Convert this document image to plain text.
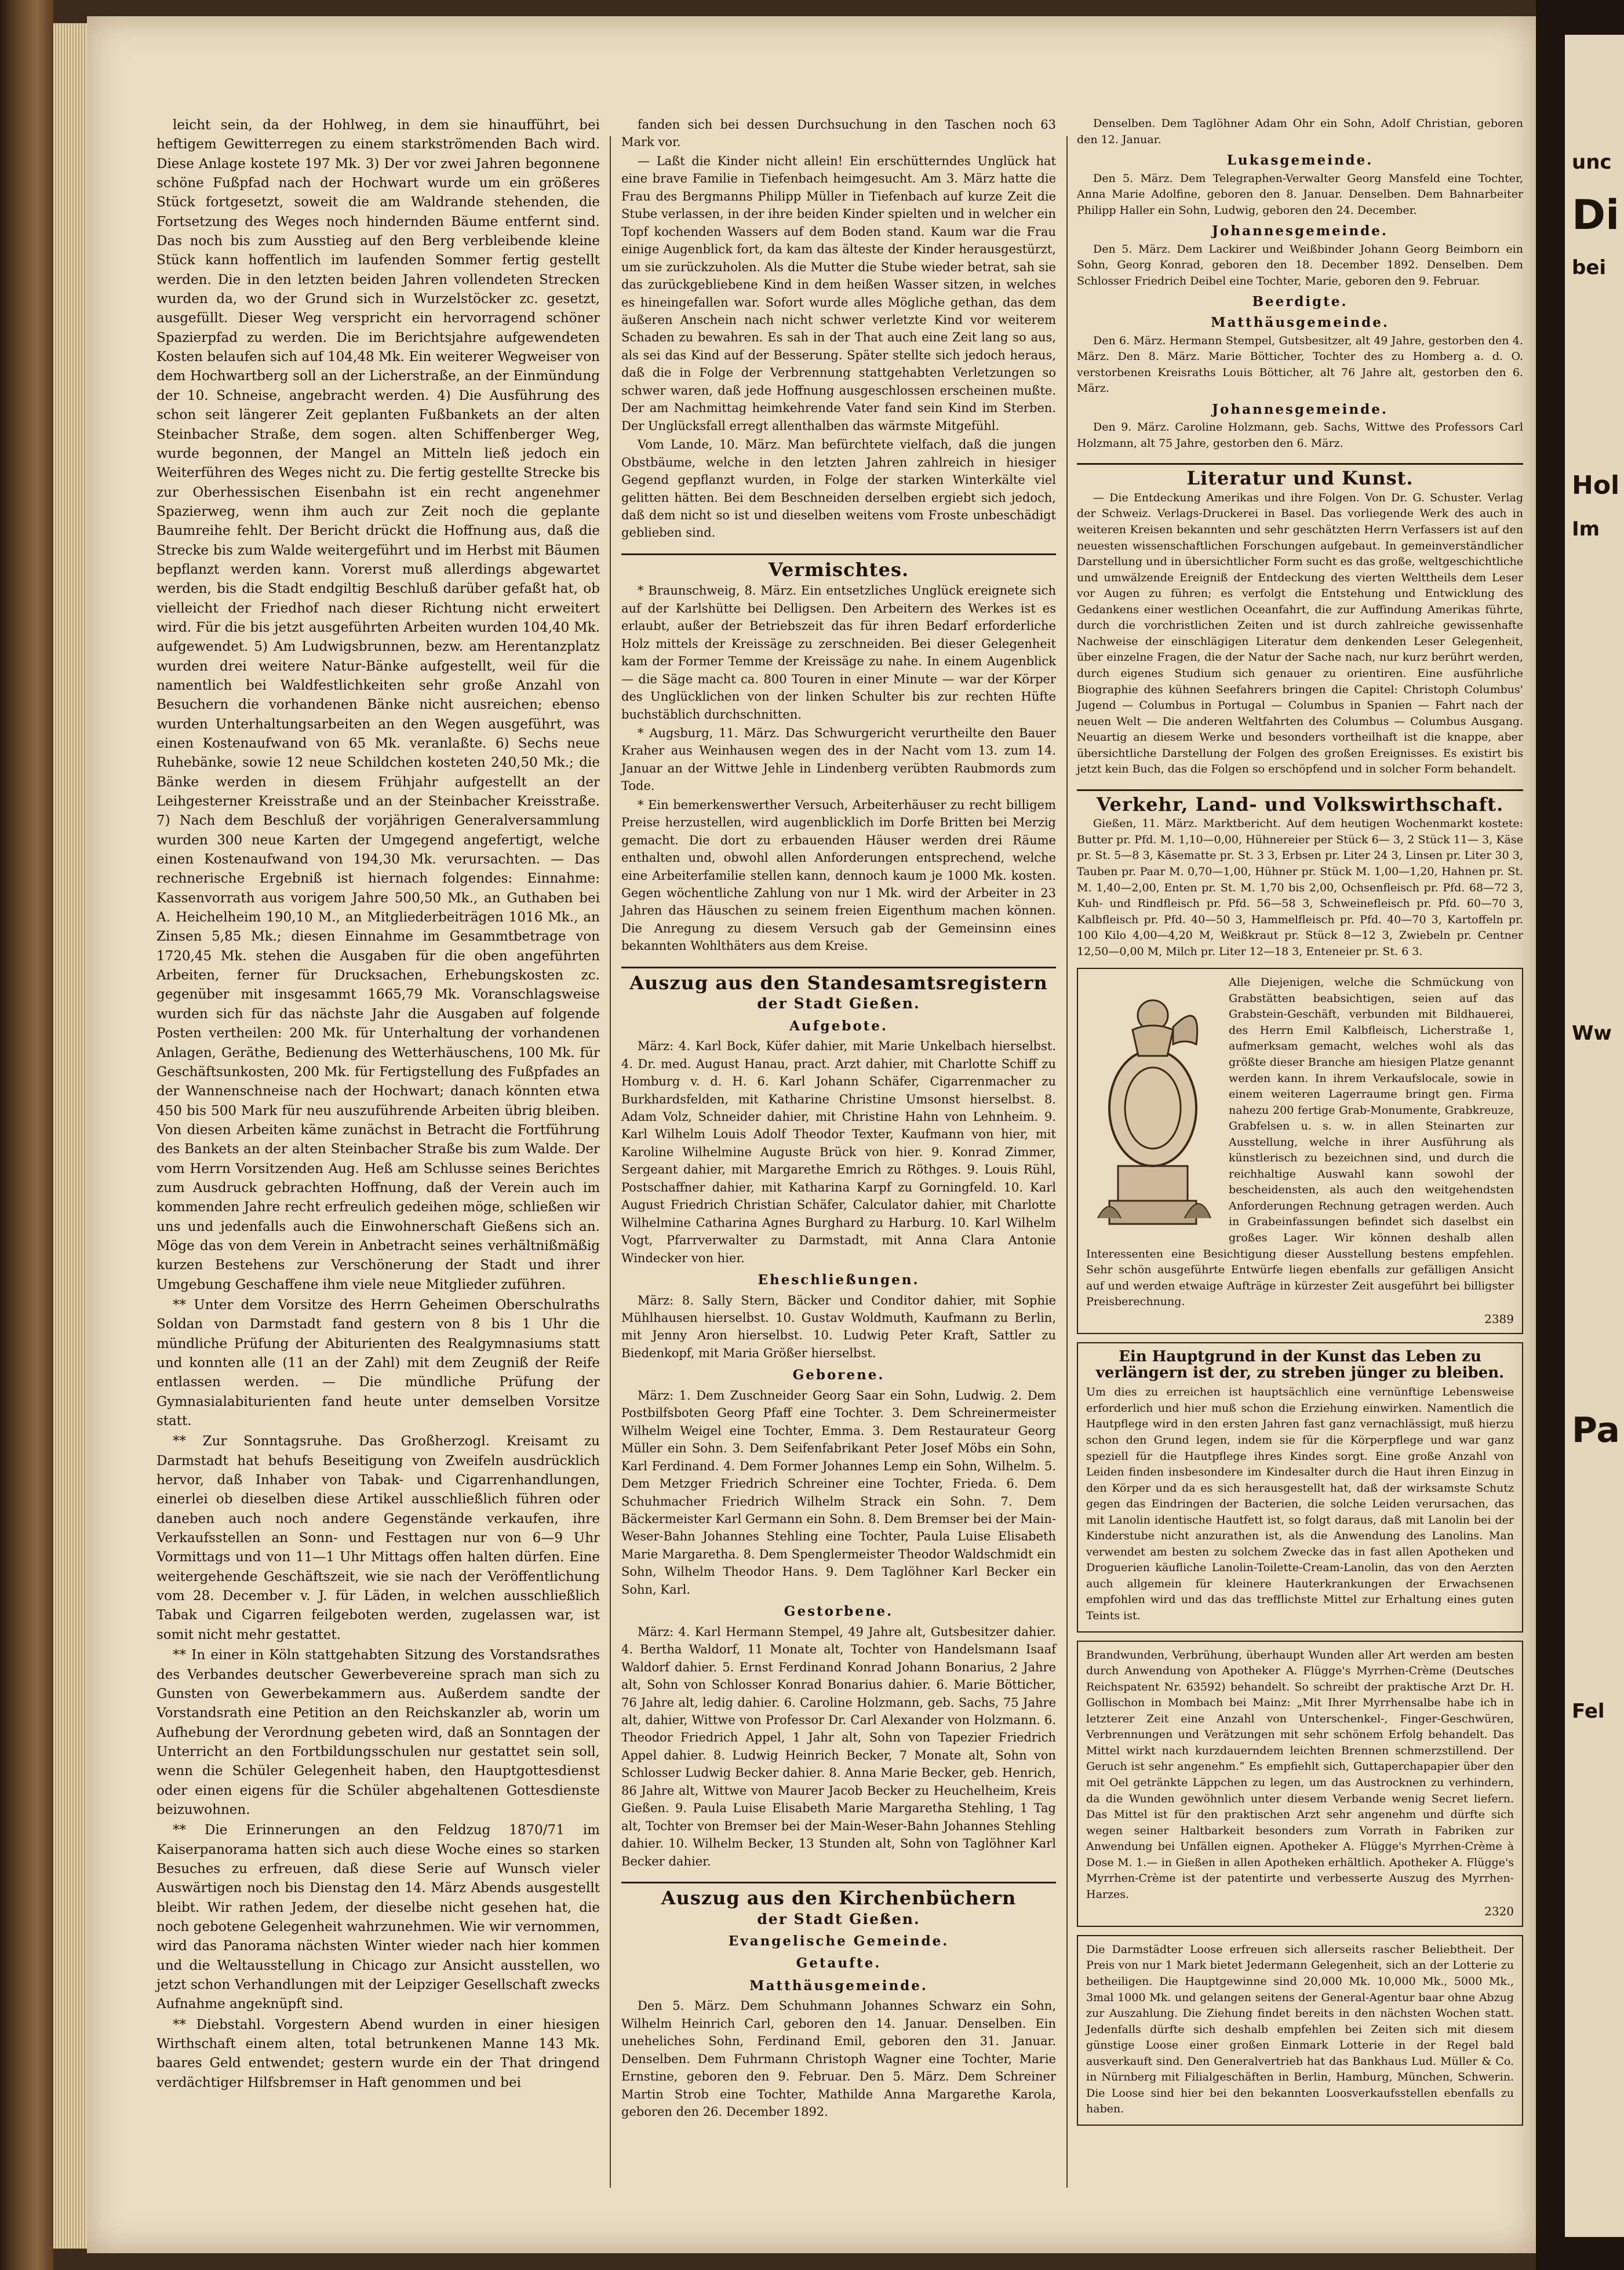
unc
Di
bei
Hol
Im
Ww
Pa
Fel

leicht sein, da der Hohlweg, in dem sie hinaufführt, bei heftigem Gewitterregen zu einem starkströmenden Bach wird. Diese Anlage kostete 197 Mk. 3) Der vor zwei Jahren begonnene schöne Fußpfad nach der Hochwart wurde um ein größeres Stück fortgesetzt, soweit die am Waldrande stehenden, die Fortsetzung des Weges noch hindernden Bäume entfernt sind. Das noch bis zum Ausstieg auf den Berg verbleibende kleine Stück kann hoffentlich im laufenden Sommer fertig gestellt werden. Die in den letzten beiden Jahren vollendeten Strecken wurden da, wo der Grund sich in Wurzelstöcker zc. gesetzt, ausgefüllt. Dieser Weg verspricht ein hervorragend schöner Spazierpfad zu werden. Die im Berichtsjahre aufgewendeten Kosten belaufen sich auf 104,48 Mk. Ein weiterer Wegweiser von dem Hochwartberg soll an der Licherstraße, an der Einmündung der 10. Schneise, angebracht werden. 4) Die Ausführung des schon seit längerer Zeit geplanten Fußbankets an der alten Steinbacher Straße, dem sogen. alten Schiffenberger Weg, wurde begonnen, der Mangel an Mitteln ließ jedoch ein Weiterführen des Weges nicht zu. Die fertig gestellte Strecke bis zur Oberhessischen Eisenbahn ist ein recht angenehmer Spazierweg, wenn ihm auch zur Zeit noch die geplante Baumreihe fehlt. Der Bericht drückt die Hoffnung aus, daß die Strecke bis zum Walde weitergeführt und im Herbst mit Bäumen bepflanzt werden kann. Vorerst muß allerdings abgewartet werden, bis die Stadt endgiltig Beschluß darüber gefaßt hat, ob vielleicht der Friedhof nach dieser Richtung nicht erweitert wird. Für die bis jetzt ausgeführten Arbeiten wurden 104,40 Mk. aufgewendet. 5) Am Ludwigsbrunnen, bezw. am Herentanzplatz wurden drei weitere Natur-Bänke aufgestellt, weil für die namentlich bei Waldfestlichkeiten sehr große Anzahl von Besuchern die vorhandenen Bänke nicht ausreichen; ebenso wurden Unterhaltungsarbeiten an den Wegen ausgeführt, was einen Kostenaufwand von 65 Mk. veranlaßte. 6) Sechs neue Ruhebänke, sowie 12 neue Schildchen kosteten 240,50 Mk.; die Bänke werden in diesem Frühjahr aufgestellt an der Leihgesterner Kreisstraße und an der Steinbacher Kreisstraße. 7) Nach dem Beschluß der vorjährigen Generalversammlung wurden 300 neue Karten der Umgegend angefertigt, welche einen Kostenaufwand von 194,30 Mk. verursachten. — Das rechnerische Ergebniß ist hiernach folgendes: Einnahme: Kassenvorrath aus vorigem Jahre 500,50 Mk., an Guthaben bei A. Heichelheim 190,10 M., an Mitgliederbeiträgen 1016 Mk., an Zinsen 5,85 Mk.; diesen Einnahme im Gesammtbetrage von 1720,45 Mk. stehen die Ausgaben für die oben angeführten Arbeiten, ferner für Drucksachen, Erhebungskosten zc. gegenüber mit insgesammt 1665,79 Mk. Voranschlagsweise wurden sich für das nächste Jahr die Ausgaben auf folgende Posten vertheilen: 200 Mk. für Unterhaltung der vorhandenen Anlagen, Geräthe, Bedienung des Wetterhäuschens, 100 Mk. für Geschäftsunkosten, 200 Mk. für Fertigstellung des Fußpfades an der Wannenschneise nach der Hochwart; danach könnten etwa 450 bis 500 Mark für neu auszuführende Arbeiten übrig bleiben. Von diesen Arbeiten käme zunächst in Betracht die Fortführung des Bankets an der alten Steinbacher Straße bis zum Walde. Der vom Herrn Vorsitzenden Aug. Heß am Schlusse seines Berichtes zum Ausdruck gebrachten Hoffnung, daß der Verein auch im kommenden Jahre recht erfreulich gedeihen möge, schließen wir uns und jedenfalls auch die Einwohnerschaft Gießens sich an. Möge das von dem Verein in Anbetracht seines verhältnißmäßig kurzen Bestehens zur Verschönerung der Stadt und ihrer Umgebung Geschaffene ihm viele neue Mitglieder zuführen.

** Unter dem Vorsitze des Herrn Geheimen Oberschulraths Soldan von Darmstadt fand gestern von 8 bis 1 Uhr die mündliche Prüfung der Abiturienten des Realgymnasiums statt und konnten alle (11 an der Zahl) mit dem Zeugniß der Reife entlassen werden. — Die mündliche Prüfung der Gymnasialabiturienten fand heute unter demselben Vorsitze statt.

** Zur Sonntagsruhe. Das Großherzogl. Kreisamt zu Darmstadt hat behufs Beseitigung von Zweifeln ausdrücklich hervor, daß Inhaber von Tabak- und Cigarrenhandlungen, einerlei ob dieselben diese Artikel ausschließlich führen oder daneben auch noch andere Gegenstände verkaufen, ihre Verkaufsstellen an Sonn- und Festtagen nur von 6—9 Uhr Vormittags und von 11—1 Uhr Mittags offen halten dürfen. Eine weitergehende Geschäftszeit, wie sie nach der Veröffentlichung vom 28. December v. J. für Läden, in welchen ausschließlich Tabak und Cigarren feilgeboten werden, zugelassen war, ist somit nicht mehr gestattet.

** In einer in Köln stattgehabten Sitzung des Vorstandsrathes des Verbandes deutscher Gewerbevereine sprach man sich zu Gunsten von Gewerbekammern aus. Außerdem sandte der Vorstandsrath eine Petition an den Reichskanzler ab, worin um Aufhebung der Verordnung gebeten wird, daß an Sonntagen der Unterricht an den Fortbildungsschulen nur gestattet sein soll, wenn die Schüler Gelegenheit haben, den Hauptgottesdienst oder einen eigens für die Schüler abgehaltenen Gottesdienste beizuwohnen.

** Die Erinnerungen an den Feldzug 1870/71 im Kaiserpanorama hatten sich auch diese Woche eines so starken Besuches zu erfreuen, daß diese Serie auf Wunsch vieler Auswärtigen noch bis Dienstag den 14. März Abends ausgestellt bleibt. Wir rathen Jedem, der dieselbe nicht gesehen hat, die noch gebotene Gelegenheit wahrzunehmen. Wie wir vernommen, wird das Panorama nächsten Winter wieder nach hier kommen und die Weltausstellung in Chicago zur Ansicht ausstellen, wo jetzt schon Verhandlungen mit der Leipziger Gesellschaft zwecks Aufnahme angeknüpft sind.

** Diebstahl. Vorgestern Abend wurden in einer hiesigen Wirthschaft einem alten, total betrunkenen Manne 143 Mk. baares Geld entwendet; gestern wurde ein der That dringend verdächtiger Hilfsbremser in Haft genommen und bei

fanden sich bei dessen Durchsuchung in den Taschen noch 63 Mark vor.

— Laßt die Kinder nicht allein! Ein erschütterndes Unglück hat eine brave Familie in Tiefenbach heimgesucht. Am 3. März hatte die Frau des Bergmanns Philipp Müller in Tiefenbach auf kurze Zeit die Stube verlassen, in der ihre beiden Kinder spielten und in welcher ein Topf kochenden Wassers auf dem Boden stand. Kaum war die Frau einige Augenblick fort, da kam das älteste der Kinder herausgestürzt, um sie zurückzuholen. Als die Mutter die Stube wieder betrat, sah sie das zurückgebliebene Kind in dem heißen Wasser sitzen, in welches es hineingefallen war. Sofort wurde alles Mögliche gethan, das dem äußeren Anschein nach nicht schwer verletzte Kind vor weiterem Schaden zu bewahren. Es sah in der That auch eine Zeit lang so aus, als sei das Kind auf der Besserung. Später stellte sich jedoch heraus, daß die in Folge der Verbrennung stattgehabten Verletzungen so schwer waren, daß jede Hoffnung ausgeschlossen erscheinen mußte. Der am Nachmittag heimkehrende Vater fand sein Kind im Sterben. Der Unglücksfall erregt allenthalben das wärmste Mitgefühl.

Vom Lande, 10. März. Man befürchtete vielfach, daß die jungen Obstbäume, welche in den letzten Jahren zahlreich in hiesiger Gegend gepflanzt wurden, in Folge der starken Winterkälte viel gelitten hätten. Bei dem Beschneiden derselben ergiebt sich jedoch, daß dem nicht so ist und dieselben weitens vom Froste unbeschädigt geblieben sind.

Vermischtes.

* Braunschweig, 8. März. Ein entsetzliches Unglück ereignete sich auf der Karlshütte bei Delligsen. Den Arbeitern des Werkes ist es erlaubt, außer der Betriebszeit das für ihren Bedarf erforderliche Holz mittels der Kreissäge zu zerschneiden. Bei dieser Gelegenheit kam der Former Temme der Kreissäge zu nahe. In einem Augenblick — die Säge macht ca. 800 Touren in einer Minute — war der Körper des Unglücklichen von der linken Schulter bis zur rechten Hüfte buchstäblich durchschnitten.

* Augsburg, 11. März. Das Schwurgericht verurtheilte den Bauer Kraher aus Weinhausen wegen des in der Nacht vom 13. zum 14. Januar an der Wittwe Jehle in Lindenberg verübten Raubmords zum Tode.

* Ein bemerkenswerther Versuch, Arbeiterhäuser zu recht billigem Preise herzustellen, wird augenblicklich im Dorfe Britten bei Merzig gemacht. Die dort zu erbauenden Häuser werden drei Räume enthalten und, obwohl allen Anforderungen entsprechend, welche eine Arbeiterfamilie stellen kann, dennoch kaum je 1000 Mk. kosten. Gegen wöchentliche Zahlung von nur 1 Mk. wird der Arbeiter in 23 Jahren das Häuschen zu seinem freien Eigenthum machen können. Die Anregung zu diesem Versuch gab der Gemeinsinn eines bekannten Wohlthäters aus dem Kreise.

Auszug aus den Standesamtsregistern
der Stadt Gießen.
Aufgebote.

März: 4. Karl Bock, Küfer dahier, mit Marie Unkelbach hierselbst. 4. Dr. med. August Hanau, pract. Arzt dahier, mit Charlotte Schiff zu Homburg v. d. H. 6. Karl Johann Schäfer, Cigarrenmacher zu Burkhardsfelden, mit Katharine Christine Umsonst hierselbst. 8. Adam Volz, Schneider dahier, mit Christine Hahn von Lehnheim. 9. Karl Wilhelm Louis Adolf Theodor Texter, Kaufmann von hier, mit Karoline Wilhelmine Auguste Brück von hier. 9. Konrad Zimmer, Sergeant dahier, mit Margarethe Emrich zu Röthges. 9. Louis Rühl, Postschaffner dahier, mit Katharina Karpf zu Gorningfeld. 10. Karl August Friedrich Christian Schäfer, Calculator dahier, mit Charlotte Wilhelmine Catharina Agnes Burghard zu Harburg. 10. Karl Wilhelm Vogt, Pfarrverwalter zu Darmstadt, mit Anna Clara Antonie Windecker von hier.

Eheschließungen.

März: 8. Sally Stern, Bäcker und Conditor dahier, mit Sophie Mühlhausen hierselbst. 10. Gustav Woldmuth, Kaufmann zu Berlin, mit Jenny Aron hierselbst. 10. Ludwig Peter Kraft, Sattler zu Biedenkopf, mit Maria Größer hierselbst.

Geborene.

März: 1. Dem Zuschneider Georg Saar ein Sohn, Ludwig. 2. Dem Postbilfsboten Georg Pfaff eine Tochter. 3. Dem Schreinermeister Wilhelm Weigel eine Tochter, Emma. 3. Dem Restaurateur Georg Müller ein Sohn. 3. Dem Seifenfabrikant Peter Josef Möbs ein Sohn, Karl Ferdinand. 4. Dem Former Johannes Lemp ein Sohn, Wilhelm. 5. Dem Metzger Friedrich Schreiner eine Tochter, Frieda. 6. Dem Schuhmacher Friedrich Wilhelm Strack ein Sohn. 7. Dem Bäckermeister Karl Germann ein Sohn. 8. Dem Bremser bei der Main-Weser-Bahn Johannes Stehling eine Tochter, Paula Luise Elisabeth Marie Margaretha. 8. Dem Spenglermeister Theodor Waldschmidt ein Sohn, Wilhelm Theodor Hans. 9. Dem Taglöhner Karl Becker ein Sohn, Karl.

Gestorbene.

März: 4. Karl Hermann Stempel, 49 Jahre alt, Gutsbesitzer dahier. 4. Bertha Waldorf, 11 Monate alt, Tochter von Handelsmann Isaaf Waldorf dahier. 5. Ernst Ferdinand Konrad Johann Bonarius, 2 Jahre alt, Sohn von Schlosser Konrad Bonarius dahier. 6. Marie Bötticher, 76 Jahre alt, ledig dahier. 6. Caroline Holzmann, geb. Sachs, 75 Jahre alt, dahier, Wittwe von Professor Dr. Carl Alexander von Holzmann. 6. Theodor Friedrich Appel, 1 Jahr alt, Sohn von Tapezier Friedrich Appel dahier. 8. Ludwig Heinrich Becker, 7 Monate alt, Sohn von Schlosser Ludwig Becker dahier. 8. Anna Marie Becker, geb. Henrich, 86 Jahre alt, Wittwe von Maurer Jacob Becker zu Heuchelheim, Kreis Gießen. 9. Paula Luise Elisabeth Marie Margaretha Stehling, 1 Tag alt, Tochter von Bremser bei der Main-Weser-Bahn Johannes Stehling dahier. 10. Wilhelm Becker, 13 Stunden alt, Sohn von Taglöhner Karl Becker dahier.

Auszug aus den Kirchenbüchern
der Stadt Gießen.
Evangelische Gemeinde.
Getaufte.
Matthäusgemeinde.

Den 5. März. Dem Schuhmann Johannes Schwarz ein Sohn, Wilhelm Heinrich Carl, geboren den 14. Januar. Denselben. Ein uneheliches Sohn, Ferdinand Emil, geboren den 31. Januar. Denselben. Dem Fuhrmann Christoph Wagner eine Tochter, Marie Ernstine, geboren den 9. Februar. Den 5. März. Dem Schreiner Martin Strob eine Tochter, Mathilde Anna Margarethe Karola, geboren den 26. December 1892.

Denselben. Dem Taglöhner Adam Ohr ein Sohn, Adolf Christian, geboren den 12. Januar.

Lukasgemeinde.

Den 5. März. Dem Telegraphen-Verwalter Georg Mansfeld eine Tochter, Anna Marie Adolfine, geboren den 8. Januar. Denselben. Dem Bahnarbeiter Philipp Haller ein Sohn, Ludwig, geboren den 24. December.

Johannesgemeinde.

Den 5. März. Dem Lackirer und Weißbinder Johann Georg Beimborn ein Sohn, Georg Konrad, geboren den 18. December 1892. Denselben. Dem Schlosser Friedrich Deibel eine Tochter, Marie, geboren den 9. Februar.

Beerdigte.
Matthäusgemeinde.

Den 6. März. Hermann Stempel, Gutsbesitzer, alt 49 Jahre, gestorben den 4. März. Den 8. März. Marie Bötticher, Tochter des zu Homberg a. d. O. verstorbenen Kreisraths Louis Bötticher, alt 76 Jahre alt, gestorben den 6. März.

Johannesgemeinde.

Den 9. März. Caroline Holzmann, geb. Sachs, Wittwe des Professors Carl Holzmann, alt 75 Jahre, gestorben den 6. März.

Literatur und Kunst.

— Die Entdeckung Amerikas und ihre Folgen. Von Dr. G. Schuster. Verlag der Schweiz. Verlags-Druckerei in Basel. Das vorliegende Werk des auch in weiteren Kreisen bekannten und sehr geschätzten Herrn Verfassers ist auf den neuesten wissenschaftlichen Forschungen aufgebaut. In gemeinverständlicher Darstellung und in übersichtlicher Form sucht es das große, weltgeschichtliche und umwälzende Ereigniß der Entdeckung des vierten Welttheils dem Leser vor Augen zu führen; es verfolgt die Entstehung und Entwicklung des Gedankens einer westlichen Oceanfahrt, die zur Auffindung Amerikas führte, durch die vorchristlichen Zeiten und ist durch zahlreiche gewissenhafte Nachweise der einschlägigen Literatur dem denkenden Leser Gelegenheit, über einzelne Fragen, die der Natur der Sache nach, nur kurz berührt werden, durch eigenes Studium sich genauer zu orientiren. Eine ausführliche Biographie des kühnen Seefahrers bringen die Capitel: Christoph Columbus' Jugend — Columbus in Portugal — Columbus in Spanien — Fahrt nach der neuen Welt — Die anderen Weltfahrten des Columbus — Columbus Ausgang. Neuartig an diesem Werke und besonders vortheilhaft ist die knappe, aber übersichtliche Darstellung der Folgen des großen Ereignisses. Es existirt bis jetzt kein Buch, das die Folgen so erschöpfend und in solcher Form behandelt.

Verkehr, Land- und Volkswirthschaft.

Gießen, 11. März. Marktbericht. Auf dem heutigen Wochenmarkt kostete: Butter pr. Pfd. M. 1,10—0,00, Hühnereier per Stück 6— 3, 2 Stück 11— 3, Käse pr. St. 5—8 3, Käsematte pr. St. 3 3, Erbsen pr. Liter 24 3, Linsen pr. Liter 30 3, Tauben pr. Paar M. 0,70—1,00, Hühner pr. Stück M. 1,00—1,20, Hahnen pr. St. M. 1,40—2,00, Enten pr. St. M. 1,70 bis 2,00, Ochsenfleisch pr. Pfd. 68—72 3, Kuh- und Rindfleisch pr. Pfd. 56—58 3, Schweinefleisch pr. Pfd. 60—70 3, Kalbfleisch pr. Pfd. 40—50 3, Hammelfleisch pr. Pfd. 40—70 3, Kartoffeln pr. 100 Kilo 4,00—4,20 M, Weißkraut pr. Stück 8—12 3, Zwiebeln pr. Centner 12,50—0,00 M, Milch pr. Liter 12—18 3, Enteneier pr. St. 6 3.

Alle Diejenigen, welche die Schmückung von Grabstätten beabsichtigen, seien auf das Grabstein-Geschäft, verbunden mit Bildhauerei, des Herrn Emil Kalbfleisch, Licherstraße 1, aufmerksam gemacht, welches wohl als das größte dieser Branche am hiesigen Platze genannt werden kann. In ihrem Verkaufslocale, sowie in einem weiteren Lagerraume bringt gen. Firma nahezu 200 fertige Grab-Monumente, Grabkreuze, Grabfelsen u. s. w. in allen Steinarten zur Ausstellung, welche in ihrer Ausführung als künstlerisch zu bezeichnen sind, und durch die reichhaltige Auswahl kann sowohl der bescheidensten, als auch den weitgehendsten Anforderungen Rechnung getragen werden. Auch in Grabeinfassungen befindet sich daselbst ein großes Lager. Wir können deshalb allen Interessenten eine Besichtigung dieser Ausstellung bestens empfehlen. Sehr schön ausgeführte Entwürfe liegen ebenfalls zur gefälligen Ansicht auf und werden etwaige Aufträge in kürzester Zeit ausgeführt bei billigster Preisberechnung.

2389
Ein Hauptgrund in der Kunst das Leben zu verlängern ist der, zu streben jünger zu bleiben.

Um dies zu erreichen ist hauptsächlich eine vernünftige Lebensweise erforderlich und hier muß schon die Erziehung einwirken. Namentlich die Hautpflege wird in den ersten Jahren fast ganz vernachlässigt, muß hierzu schon den Grund legen, indem sie für die Körperpflege und war ganz speziell für die Hautpflege ihres Kindes sorgt. Eine große Anzahl von Leiden finden insbesondere im Kindesalter durch die Haut ihren Einzug in den Körper und da es sich herausgestellt hat, daß der wirksamste Schutz gegen das Eindringen der Bacterien, die solche Leiden verursachen, das mit Lanolin identische Hautfett ist, so folgt daraus, daß mit Lanolin bei der Kinderstube nicht anzurathen ist, als die Anwendung des Lanolins. Man verwendet am besten zu solchem Zwecke das in fast allen Apotheken und Droguerien käufliche Lanolin-Toilette-Cream-Lanolin, das von den Aerzten auch allgemein für kleinere Hauterkrankungen der Erwachsenen empfohlen wird und das das trefflichste Mittel zur Erhaltung eines guten Teints ist.

Brandwunden, Verbrühung, überhaupt Wunden aller Art werden am besten durch Anwendung von Apotheker A. Flügge's Myrrhen-Crème (Deutsches Reichspatent Nr. 63592) behandelt. So schreibt der praktische Arzt Dr. H. Gollischon in Mombach bei Mainz: „Mit Ihrer Myrrhensalbe habe ich in letzterer Zeit eine Anzahl von Unterschenkel-, Finger-Geschwüren, Verbrennungen und Verätzungen mit sehr schönem Erfolg behandelt. Das Mittel wirkt nach kurzdauerndem leichten Brennen schmerzstillend. Der Geruch ist sehr angenehm.“ Es empfiehlt sich, Guttaperchapapier über den mit Oel getränkte Läppchen zu legen, um das Austrocknen zu verhindern, da die Wunden gewöhnlich unter diesem Verbande wenig Secret liefern. Das Mittel ist für den praktischen Arzt sehr angenehm und dürfte sich wegen seiner Haltbarkeit besonders zum Vorrath in Fabriken zur Anwendung bei Unfällen eignen. Apotheker A. Flügge's Myrrhen-Crème à Dose M. 1.— in Gießen in allen Apotheken erhältlich. Apotheker A. Flügge's Myrrhen-Crème ist der patentirte und verbesserte Auszug des Myrrhen-Harzes.

2320

Die Darmstädter Loose erfreuen sich allerseits rascher Beliebtheit. Der Preis von nur 1 Mark bietet Jedermann Gelegenheit, sich an der Lotterie zu betheiligen. Die Hauptgewinne sind 20,000 Mk. 10,000 Mk., 5000 Mk., 3mal 1000 Mk. und gelangen seitens der General-Agentur baar ohne Abzug zur Auszahlung. Die Ziehung findet bereits in den nächsten Wochen statt. Jedenfalls dürfte sich deshalb empfehlen bei Zeiten sich mit diesem günstige Loose einer großen Einmark Lotterie in der Regel bald ausverkauft sind. Den Generalvertrieb hat das Bankhaus Lud. Müller & Co. in Nürnberg mit Filialgeschäften in Berlin, Hamburg, München, Schwerin. Die Loose sind hier bei den bekannten Loosverkaufsstellen ebenfalls zu haben.
